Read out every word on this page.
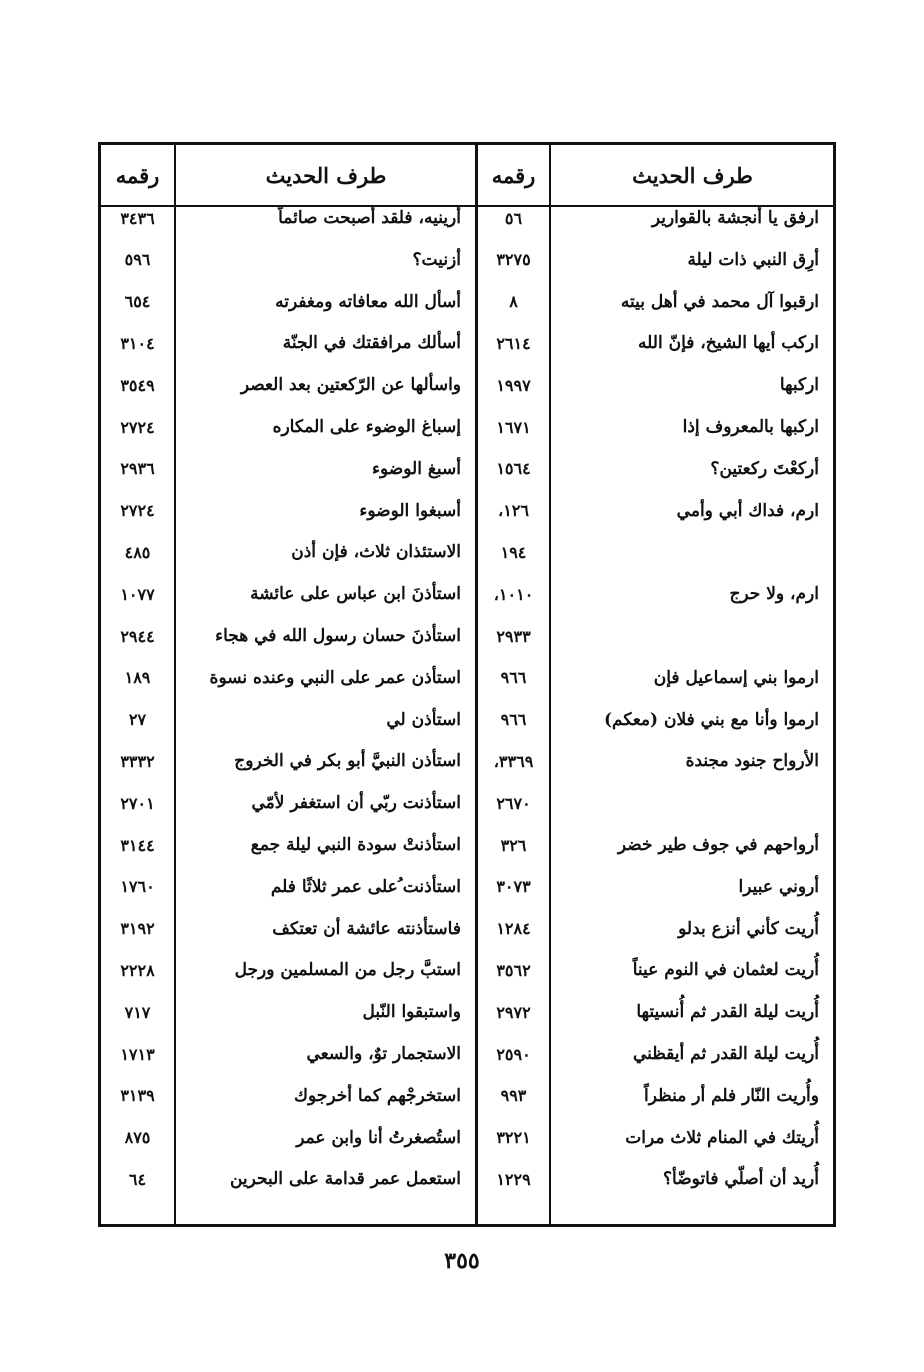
طرف الحديث
رقمه
طرف الحديث
رقمه
ارفق يا أنجشة بالقوارير
٥٦
أرِق النبي ذات ليلة
٣٢٧٥
ارقبوا آل محمد في أهل بيته
٨
اركب أيها الشيخ، فإنّ الله
٢٦١٤
اركبها
١٩٩٧
اركبها بالمعروف إذا
١٦٧١
أركعْتَ ركعتين؟
١٥٦٤
ارم، فداك أبي وأمي
١٢٦،
١٩٤
ارم، ولا حرج
١٠١٠،
٢٩٣٣
ارموا بني إسماعيل فإن
٩٦٦
ارموا وأنا مع بني فلان (معكم)
٩٦٦
الأرواح جنود مجندة
٣٣٦٩،
٢٦٧٠
أرواحهم في جوف طير خضر
٣٢٦
أروني عبيرا
٣٠٧٣
أُريت كأني أنزع بدلو
١٢٨٤
أُريت لعثمان في النوم عيناً
٣٥٦٢
أُريت ليلة القدر ثم أُنسيتها
٢٩٧٢
أُريت ليلة القدر ثم أيقظني
٢٥٩٠
وأُريت النّار فلم أر منظراً
٩٩٣
أُريتك في المنام ثلاث مرات
٣٢٢١
أُريد أن أصلّي فاتوضّأ؟
١٢٢٩
أرينيه، فلقد أصبحت صائماً
٣٤٣٦
أزنيت؟
٥٩٦
أسأل الله معافاته ومغفرته
٦٥٤
أسألك مرافقتك في الجنّة
٣١٠٤
واسألها عن الرّكعتين بعد العصر
٣٥٤٩
إسباغ الوضوء على المكاره
٢٧٢٤
أسبغ الوضوء
٢٩٣٦
أسبغوا الوضوء
٢٧٢٤
الاستئذان ثلاث، فإن أذن
٤٨٥
استأذنَ ابن عباس على عائشة
١٠٧٧
استأذنَ حسان رسول الله في هجاء
٢٩٤٤
استأذن عمر على النبي وعنده نسوة
١٨٩
استأذن لي
٢٧
استأذن النبيَّ أبو بكر في الخروج
٣٣٣٢
استأذنت ربّي أن استغفر لأمّي
٢٧٠١
استأذنتْ سودة النبي ليلة جمع
٣١٤٤
استأذنت ُعلى عمر ثلاثًا فلم
١٧٦٠
فاستأذنته عائشة أن تعتكف
٣١٩٢
استبَّ رجل من المسلمين ورجل
٢٢٢٨
واستبقوا النّبل
٧١٧
الاستجمار توٌ، والسعي
١٧١٣
استخرجْهم كما أخرجوك
٣١٣٩
استُصغرتُ أنا وابن عمر
٨٧٥
استعمل عمر قدامة على البحرين
٦٤
٣٥٥
